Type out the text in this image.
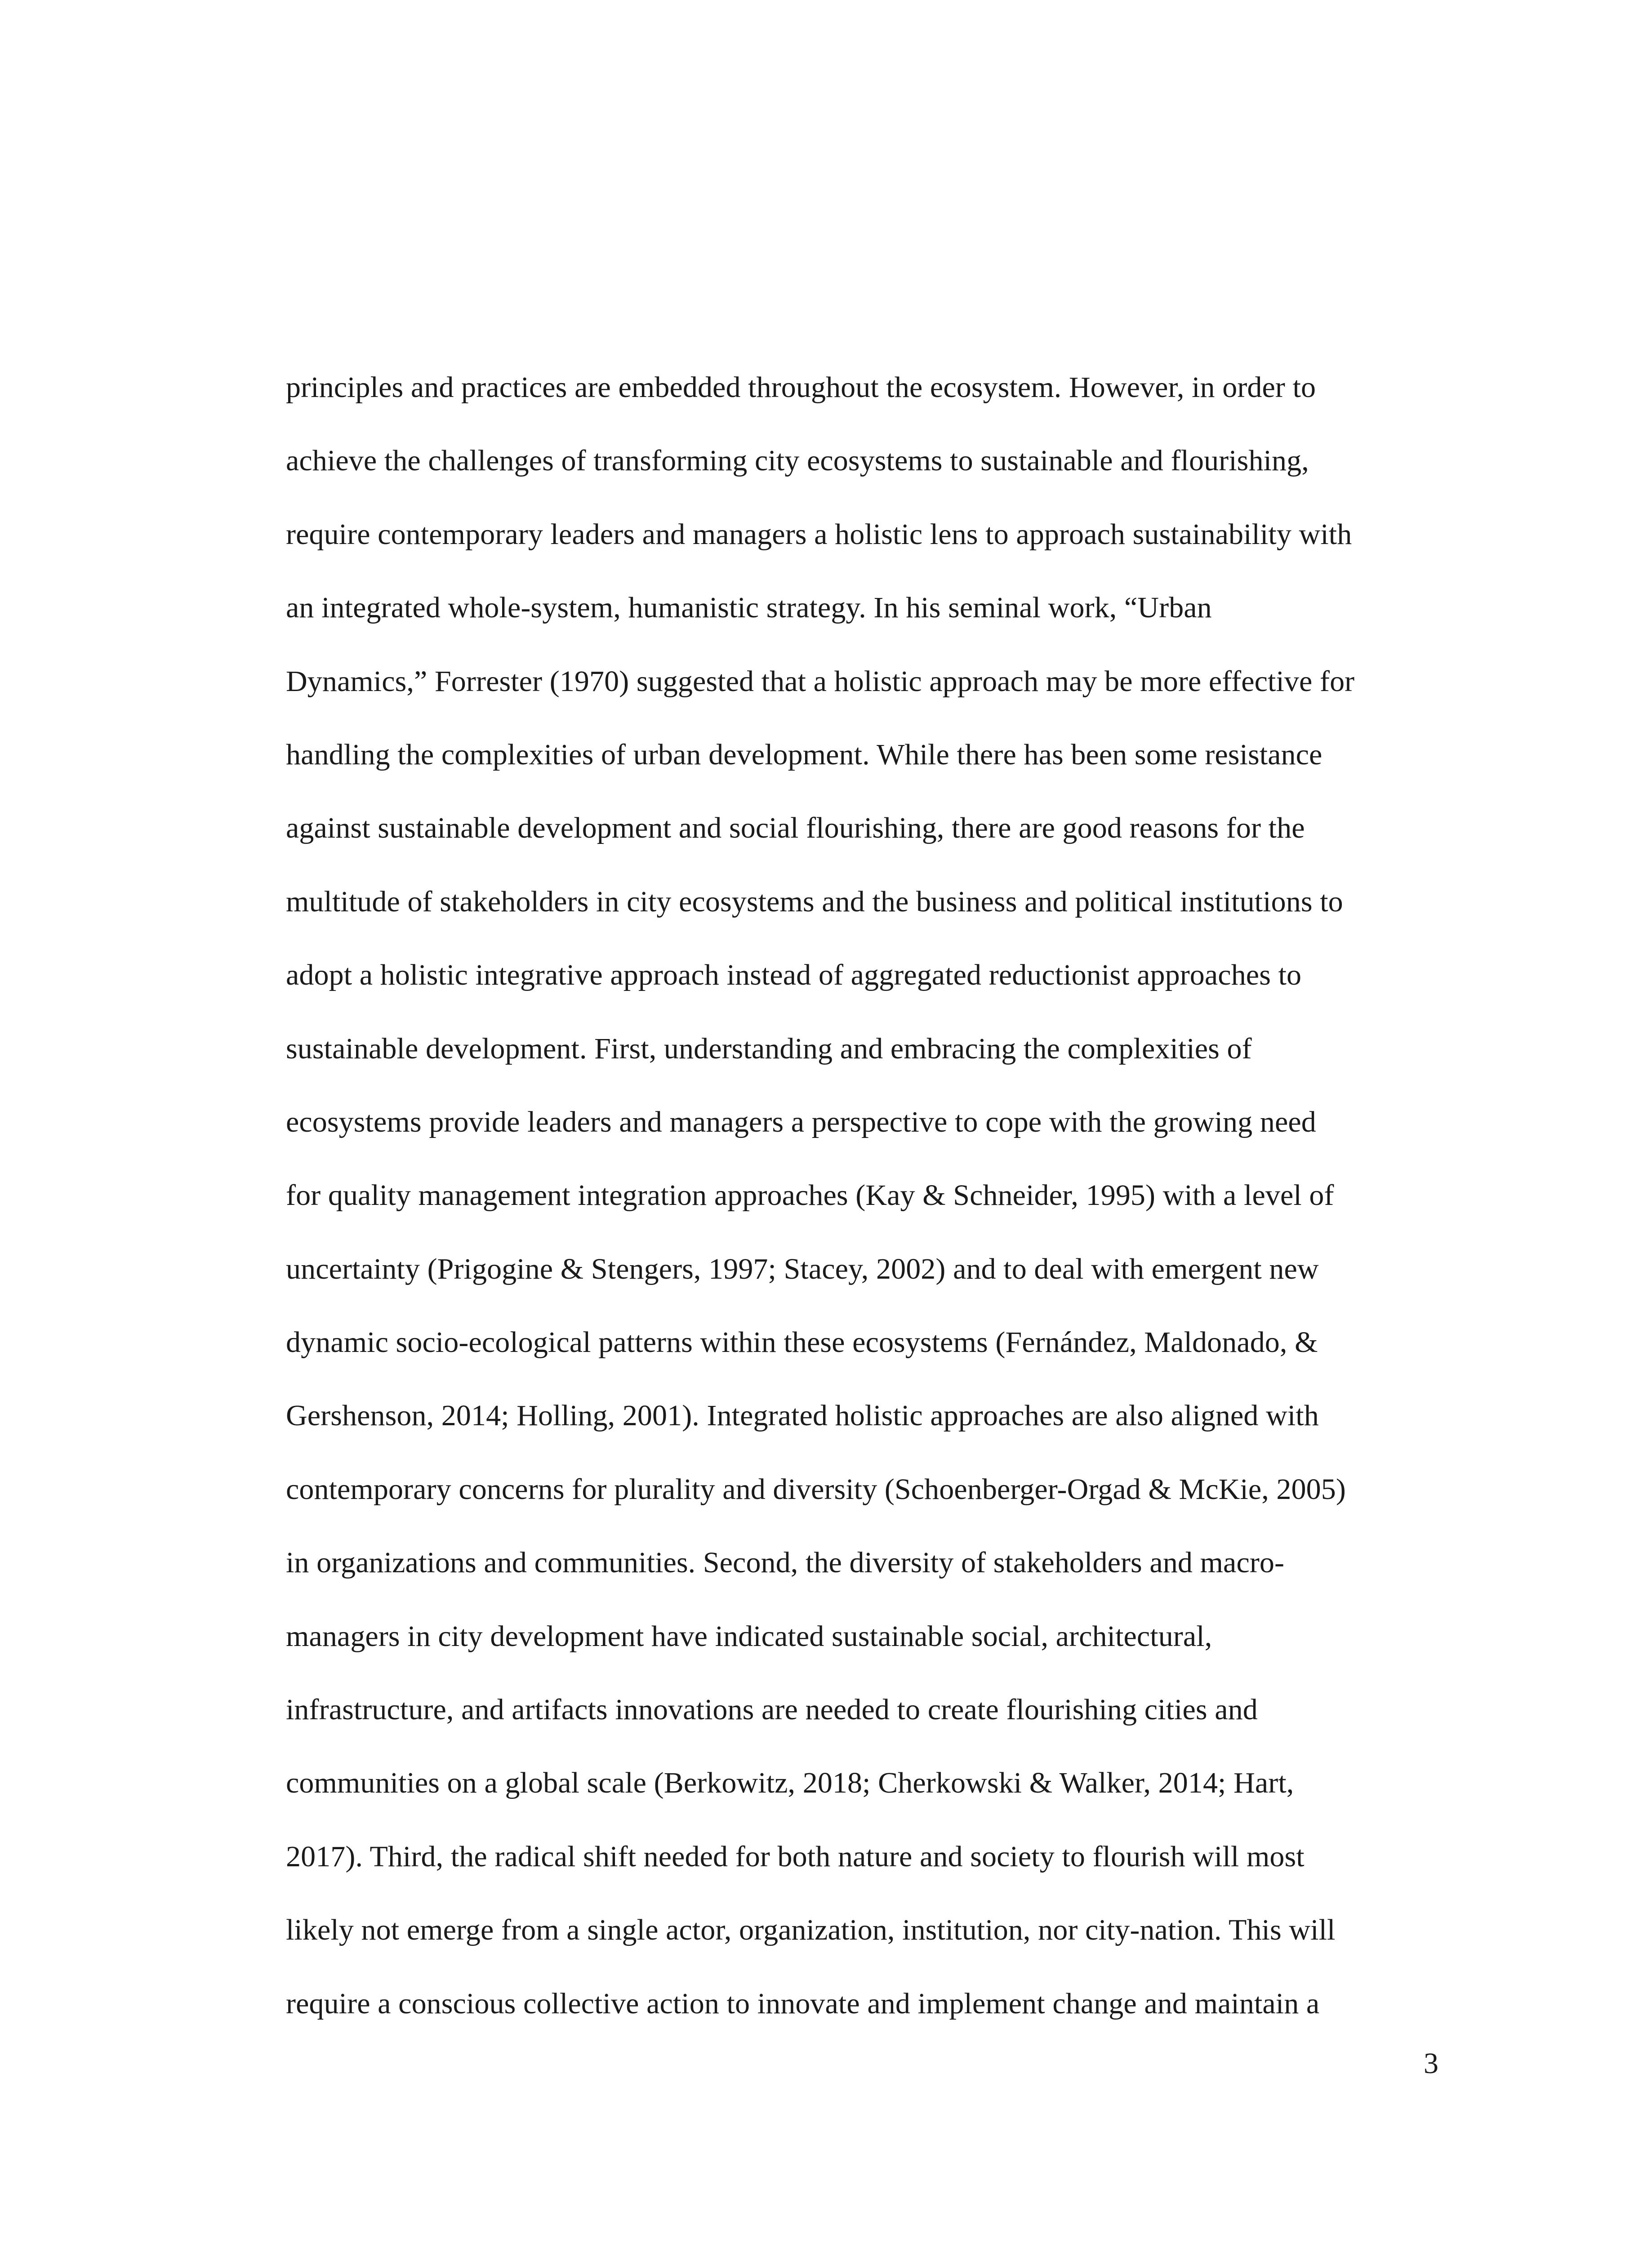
principles and practices are embedded throughout the ecosystem. However, in order to
achieve the challenges of transforming city ecosystems to sustainable and flourishing,
require contemporary leaders and managers a holistic lens to approach sustainability with
an integrated whole-system, humanistic strategy. In his seminal work, “Urban
Dynamics,” Forrester (1970) suggested that a holistic approach may be more effective for
handling the complexities of urban development. While there has been some resistance
against sustainable development and social flourishing, there are good reasons for the
multitude of stakeholders in city ecosystems and the business and political institutions to
adopt a holistic integrative approach instead of aggregated reductionist approaches to
sustainable development. First, understanding and embracing the complexities of
ecosystems provide leaders and managers a perspective to cope with the growing need
for quality management integration approaches (Kay & Schneider, 1995) with a level of
uncertainty (Prigogine & Stengers, 1997; Stacey, 2002) and to deal with emergent new
dynamic socio-ecological patterns within these ecosystems (Fernández, Maldonado, &
Gershenson, 2014; Holling, 2001). Integrated holistic approaches are also aligned with
contemporary concerns for plurality and diversity (Schoenberger-Orgad & McKie, 2005)
in organizations and communities. Second, the diversity of stakeholders and macro-
managers in city development have indicated sustainable social, architectural,
infrastructure, and artifacts innovations are needed to create flourishing cities and
communities on a global scale (Berkowitz, 2018; Cherkowski & Walker, 2014; Hart,
2017). Third, the radical shift needed for both nature and society to flourish will most
likely not emerge from a single actor, organization, institution, nor city-nation. This will
require a conscious collective action to innovate and implement change and maintain a
3
